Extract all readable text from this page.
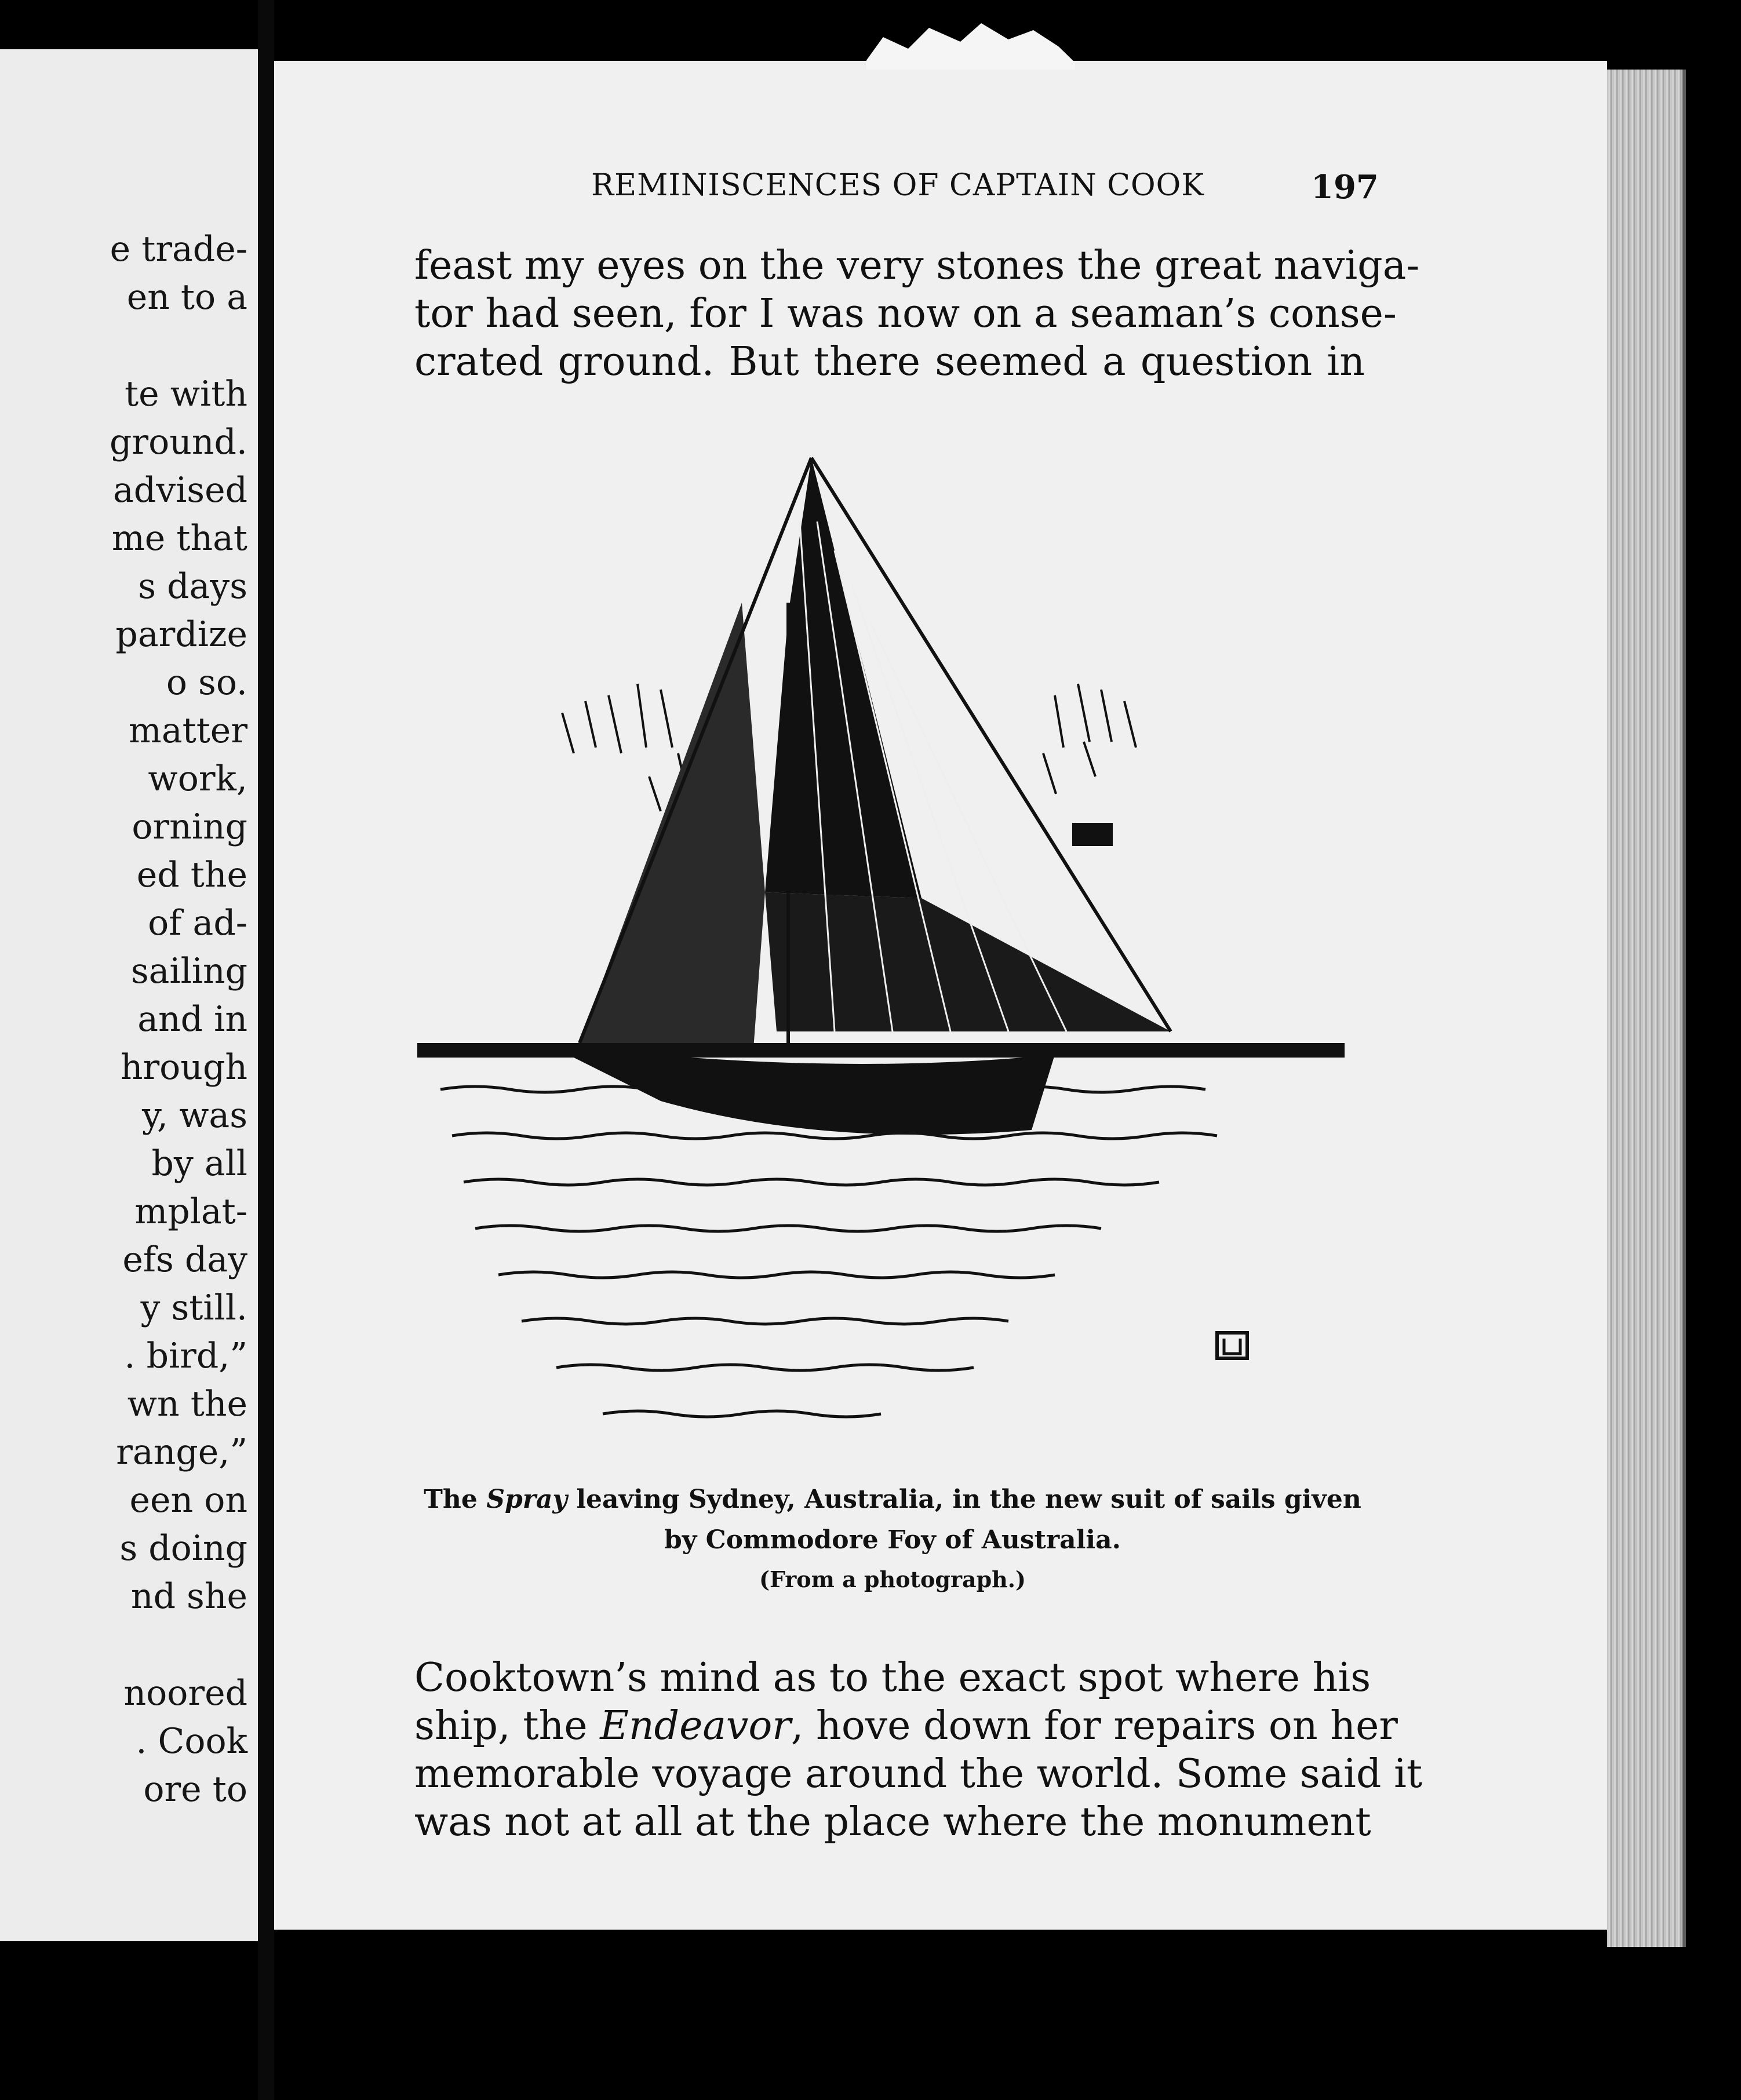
e trade-
en to a
te with
ground.
advised
me that
s days
pardize
o so.
matter
work,
orning
ed the
of ad-
sailing
and in
hrough
y, was
by all
mplat-
efs day
y still.
. bird,”
wn the
range,”
een on
s doing
nd she
noored
. Cook
ore to
REMINISCENCES OF CAPTAIN COOK	197
feast my eyes on the very stones the great naviga-
tor had seen, for I was now on a seaman’s conse-
crated ground. But there seemed a question in
The Spray leaving Sydney, Australia, in the new suit of sails given
by Commodore Foy of Australia.
(From a photograph.)
Cooktown’s mind as to the exact spot where his
ship, the Endeavor, hove down for repairs on her
memorable voyage around the world. Some said it
was not at all at the place where the monument
